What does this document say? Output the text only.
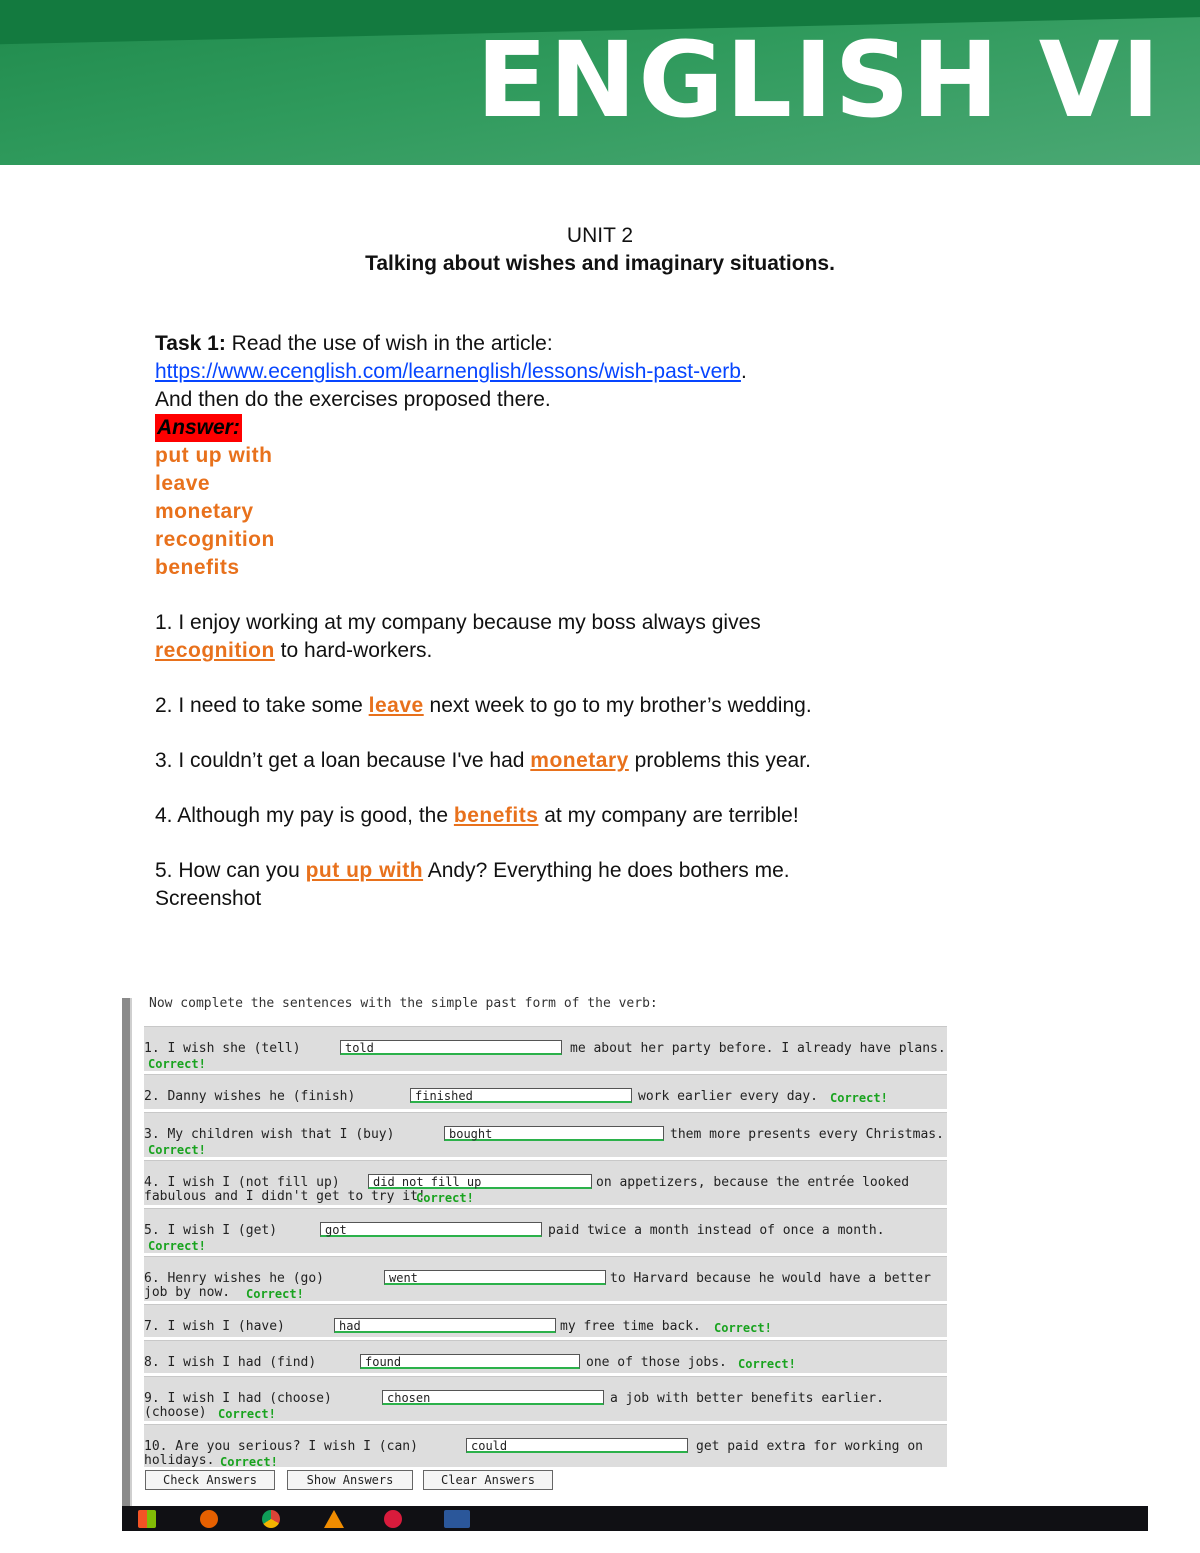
ENGLISH VI
UNIT 2
Talking about wishes and imaginary situations.

Task 1: Read the use of wish in the article:

https://www.ecenglish.com/learnenglish/lessons/wish-past-verb.

And then do the exercises proposed there.

Answer:

put up with

leave

monetary

recognition

benefits

1. I enjoy working at my company because my boss always gives recognition to hard-workers.

2. I need to take some leave next week to go to my brother’s wedding.

3. I couldn’t get a loan because I've had monetary problems this year.

4. Although my pay is good, the benefits at my company are terrible!

5. How can you put up with Andy? Everything he does bothers me.

Screenshot

Now complete the sentences with the simple past form of the verb:
1. I wish she (tell)	told	me about her party before. I already have plans.
Correct!
2. Danny wishes he (finish)	finished	work earlier every day. Correct!
3. My children wish that I (buy)	bought	them more presents every Christmas.
Correct!
4. I wish I (not fill up)	did not fill up	on appetizers, because the entrée looked
fabulous and I didn't get to try it!
Correct!
5. I wish I (get)	got	paid twice a month instead of once a month.
Correct!
6. Henry wishes he (go)	went	to Harvard because he would have a better
job by now. Correct!
7. I wish I (have)	had	my free time back. Correct!
8. I wish I had (find)	found	one of those jobs. Correct!
9. I wish I had (choose)	chosen	a job with better benefits earlier.
(choose) Correct!
10. Are you serious? I wish I (can)	could	get paid extra for working on
holidays. Correct!
Check Answers	Show Answers	Clear Answers
